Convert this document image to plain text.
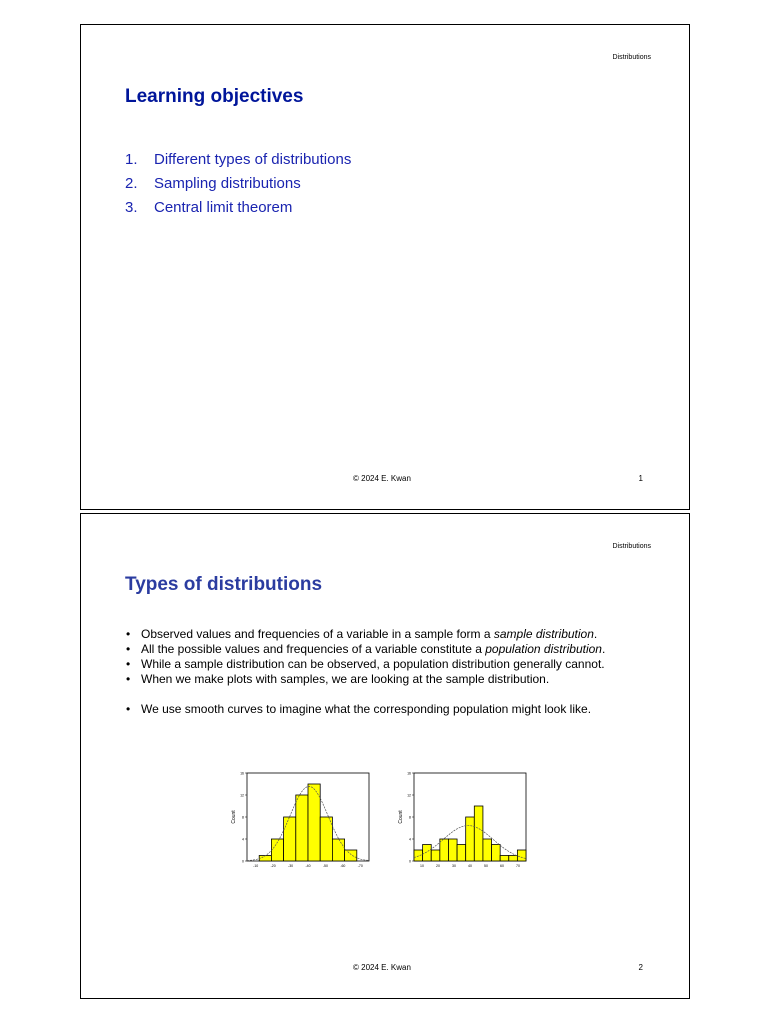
Distributions
Learning objectives
1.	Different types of distributions
2.	Sampling distributions
3.	Central limit theorem
© 2024 E. Kwan	1
Distributions
Types of distributions
• Observed values and frequencies of a variable in a sample form a sample distribution.
• All the possible values and frequencies of a variable constitute a population distribution.
• While a sample distribution can be observed, a population distribution generally cannot.
• When we make plots with samples, we are looking at the sample distribution.
• We use smooth curves to imagine what the corresponding population might look like.
Count
0
4
8
12
16
-10	-20	-30	-40	-50	-60	-70
Count
0
4
8
12
16
10	20	30	40	50	60	70
© 2024 E. Kwan	2
